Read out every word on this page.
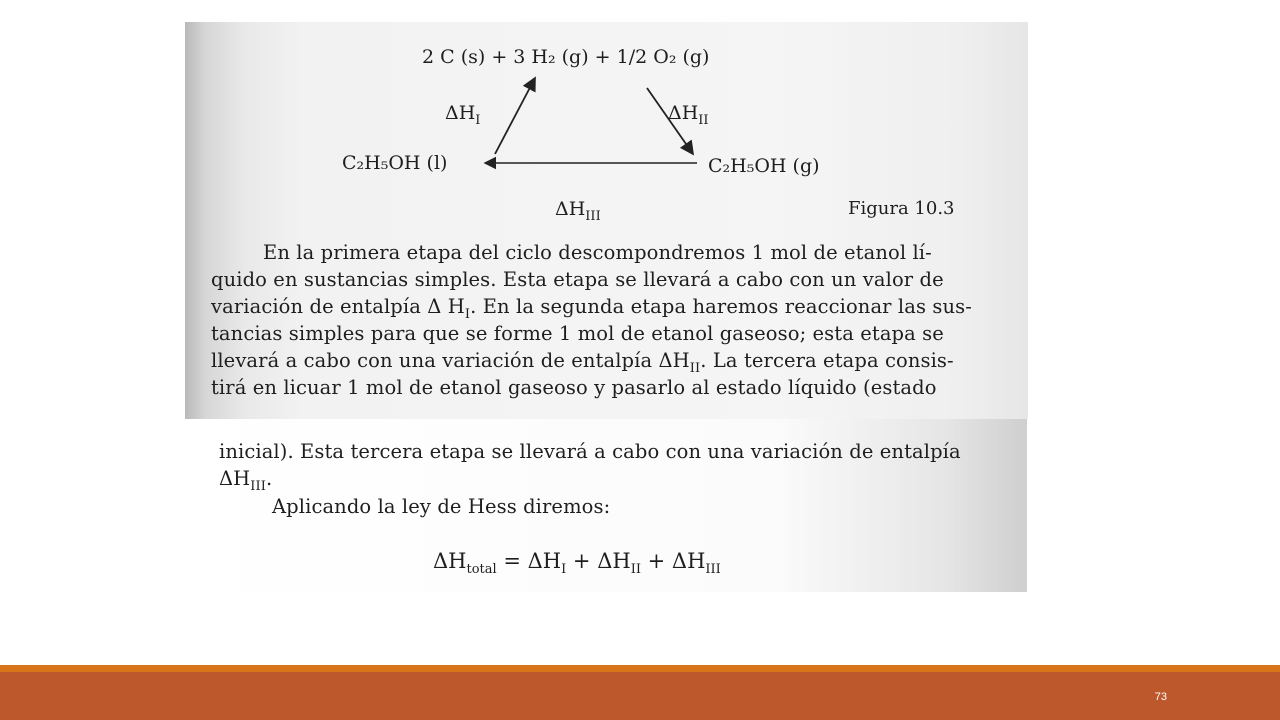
2 C (s) + 3 H₂ (g) + 1/2 O₂ (g)
$\Delta H_I$	$\Delta H_{II}$
C₂H₅OH (l)	C₂H₅OH (g)
$\Delta H_{III}$	Figura 10.3
En la primera etapa del ciclo descompondremos 1 mol de etanol lí-
quido en sustancias simples. Esta etapa se llevará a cabo con un valor de
variación de entalpía Δ $H_I$. En la segunda etapa haremos reaccionar las sus-
tancias simples para que se forme 1 mol de etanol gaseoso; esta etapa se
llevará a cabo con una variación de entalpía $\Delta H_{II}$. La tercera etapa consis-
tirá en licuar 1 mol de etanol gaseoso y pasarlo al estado líquido (estado
inicial). Esta tercera etapa se llevará a cabo con una variación de entalpía
$\Delta H_{III}$.
Aplicando la ley de Hess diremos:
$\Delta H_{total} = \Delta H_I + \Delta H_{II} + \Delta H_{III}$
73
